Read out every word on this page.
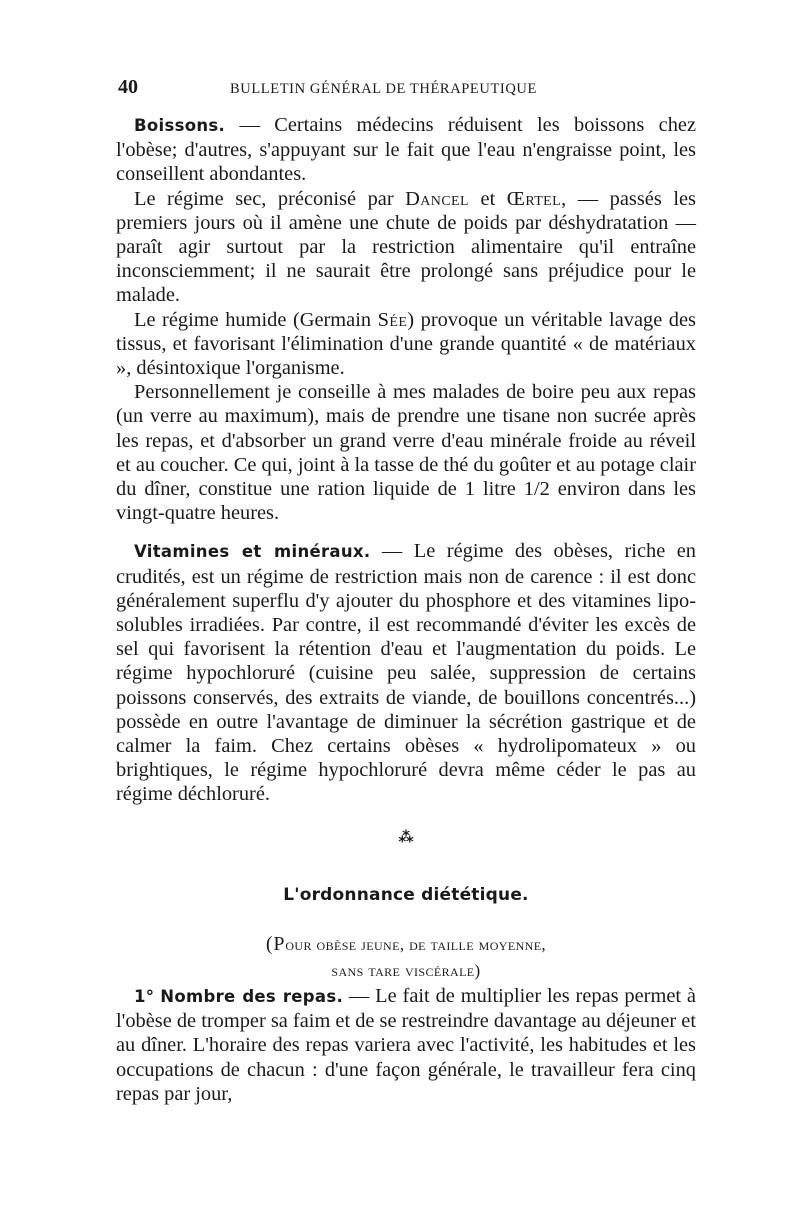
40	BULLETIN GÉNÉRAL DE THÉRAPEUTIQUE

Boissons. — Certains médecins réduisent les boissons chez l'obèse; d'autres, s'appuyant sur le fait que l'eau n'engraisse point, les conseillent abondantes.

Le régime sec, préconisé par Dancel et Œrtel, — passés les premiers jours où il amène une chute de poids par déshydratation — paraît agir surtout par la restriction alimentaire qu'il entraîne inconsciemment; il ne saurait être prolongé sans préjudice pour le malade.

Le régime humide (Germain Sée) provoque un véritable lavage des tissus, et favorisant l'élimination d'une grande quantité « de matériaux », désintoxique l'organisme.

Personnellement je conseille à mes malades de boire peu aux repas (un verre au maximum), mais de prendre une tisane non sucrée après les repas, et d'absorber un grand verre d'eau minérale froide au réveil et au coucher. Ce qui, joint à la tasse de thé du goûter et au potage clair du dîner, constitue une ration liquide de 1 litre 1/2 environ dans les vingt-quatre heures.

Vitamines et minéraux. — Le régime des obèses, riche en crudités, est un régime de restriction mais non de carence : il est donc généralement superflu d'y ajouter du phosphore et des vitamines lipo-solubles irradiées. Par contre, il est recommandé d'éviter les excès de sel qui favorisent la rétention d'eau et l'augmentation du poids. Le régime hypochloruré (cuisine peu salée, suppression de certains poissons conservés, des extraits de viande, de bouillons concentrés...) possède en outre l'avantage de diminuer la sécrétion gastrique et de calmer la faim. Chez certains obèses « hydrolipomateux » ou brightiques, le régime hypochloruré devra même céder le pas au régime déchloruré.

⁂
L'ordonnance diététique.
(Pour obèse jeune, de taille moyenne,
sans tare viscérale)

1° Nombre des repas. — Le fait de multiplier les repas permet à l'obèse de tromper sa faim et de se restreindre davantage au déjeuner et au dîner. L'horaire des repas variera avec l'activité, les habitudes et les occupations de chacun : d'une façon générale, le travailleur fera cinq repas par jour,
